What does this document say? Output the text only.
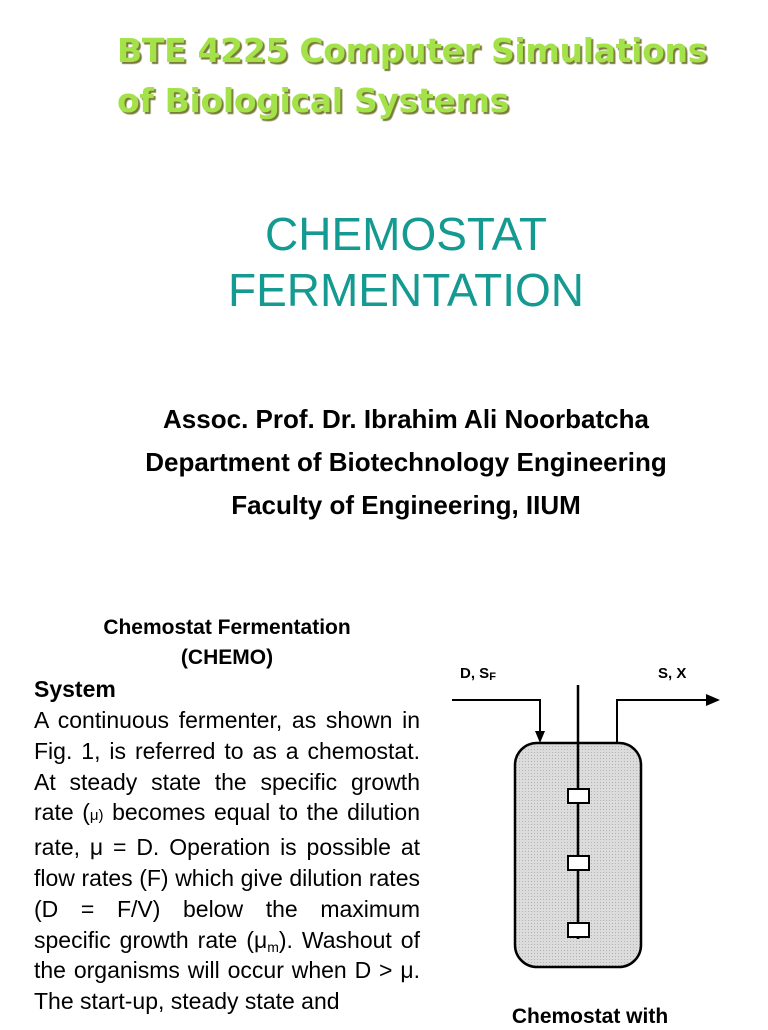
BTE 4225 Computer Simulations
of Biological Systems
CHEMOSTAT
FERMENTATION
Assoc. Prof. Dr. Ibrahim Ali Noorbatcha
Department of Biotechnology Engineering
Faculty of Engineering, IIUM
Chemostat Fermentation
(CHEMO)
System
A continuous fermenter, as shown in Fig. 1, is referred to as a chemostat. At steady state the specific growth rate (μ) becomes equal to the dilution rate, μ = D. Operation is possible at flow rates (F) which give dilution rates (D = F/V) below the maximum specific growth rate $(\mu_m)$. Washout of the organisms will occur when D > μ. The start-up, steady state and
D, $S_F$	S, X
Chemostat with
